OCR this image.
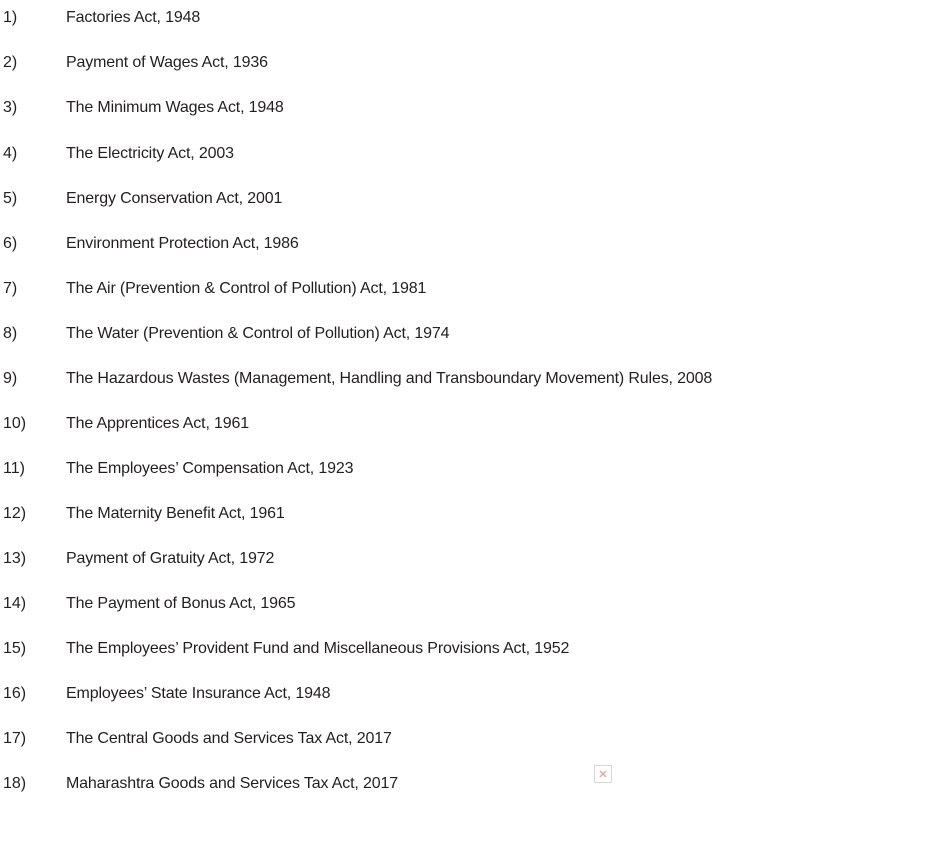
1)	Factories Act, 1948
2)	Payment of Wages Act, 1936
3)	The Minimum Wages Act, 1948
4)	The Electricity Act, 2003
5)	Energy Conservation Act, 2001
6)	Environment Protection Act, 1986
7)	The Air (Prevention & Control of Pollution) Act, 1981
8)	The Water (Prevention & Control of Pollution) Act, 1974
9)	The Hazardous Wastes (Management, Handling and Transboundary Movement) Rules, 2008
10) The Apprentices Act, 1961
11)	The Employees’ Compensation Act, 1923
12) The Maternity Benefit Act, 1961
13) Payment of Gratuity Act, 1972
14) The Payment of Bonus Act, 1965
15) The Employees’ Provident Fund and Miscellaneous Provisions Act, 1952
16) Employees’ State Insurance Act, 1948
17) The Central Goods and Services Tax Act, 2017
18) Maharashtra Goods and Services Tax Act, 2017
